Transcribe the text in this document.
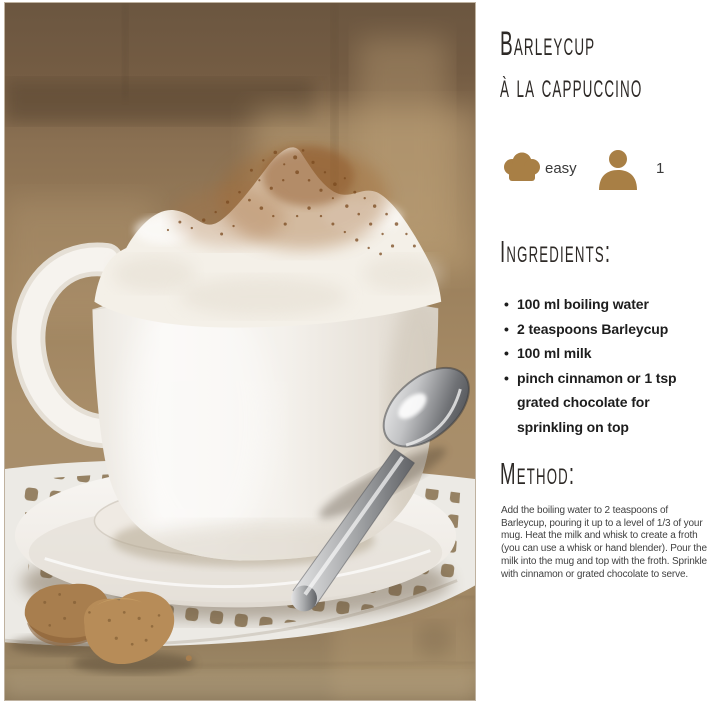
Barleycup
à la cappuccino
easy	1
Ingredients:
• 100 ml boiling water
• 2 teaspoons Barleycup
• 100 ml milk
• pinch cinnamon or 1 tsp grated chocolate for sprinkling on top
Method:

Add the boiling water to 2 teaspoons of Barleycup, pouring it up to a level of 1/3 of your mug. Heat the milk and whisk to create a froth (you can use a whisk or hand blender). Pour the milk into the mug and top with the froth. Sprinkle with cinnamon or grated chocolate to serve.
